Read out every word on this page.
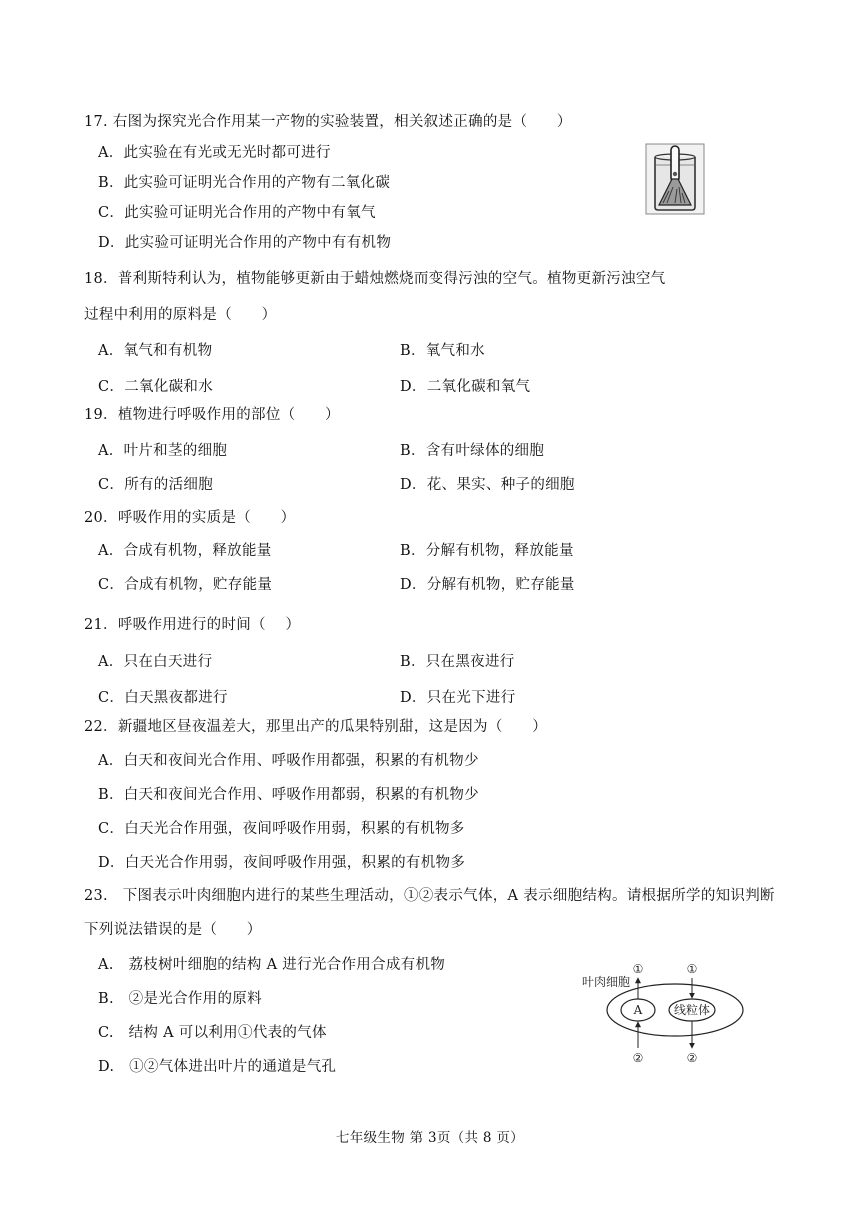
17. 右图为探究光合作用某一产物的实验装置，相关叙述正确的是（　　）
A．此实验在有光或无光时都可进行
B．此实验可证明光合作用的产物有二氧化碳
C．此实验可证明光合作用的产物中有氧气
D．此实验可证明光合作用的产物中有有机物
18．普利斯特利认为，植物能够更新由于蜡烛燃烧而变得污浊的空气。植物更新污浊空气
过程中利用的原料是（　　）
A．氧气和有机物	B．氧气和水
C．二氧化碳和水	D．二氧化碳和氧气
19．植物进行呼吸作用的部位（　　）
A．叶片和茎的细胞	B．含有叶绿体的细胞
C．所有的活细胞	D．花、果实、种子的细胞
20．呼吸作用的实质是（　　）
A．合成有机物，释放能量	B．分解有机物，释放能量
C．合成有机物，贮存能量	D．分解有机物，贮存能量
21．呼吸作用进行的时间（　 ）
A．只在白天进行	B．只在黑夜进行
C．白天黑夜都进行	D．只在光下进行
22．新疆地区昼夜温差大，那里出产的瓜果特别甜，这是因为（　　）
A．白天和夜间光合作用、呼吸作用都强，积累的有机物少
B．白天和夜间光合作用、呼吸作用都弱，积累的有机物少
C．白天光合作用强，夜间呼吸作用弱，积累的有机物多
D．白天光合作用弱，夜间呼吸作用强，积累的有机物多
23.　下图表示叶肉细胞内进行的某些生理活动，①②表示气体，A 表示细胞结构。请根据所学的知识判断
下列说法错误的是（　　）
A.　荔枝树叶细胞的结构 A 进行光合作用合成有机物
B.　②是光合作用的原料
C.　结构 A 可以利用①代表的气体
D.　①②气体进出叶片的通道是气孔
叶肉细胞
A	线粒体
①	①
②	②
七年级生物 第 3页（共 8 页）
